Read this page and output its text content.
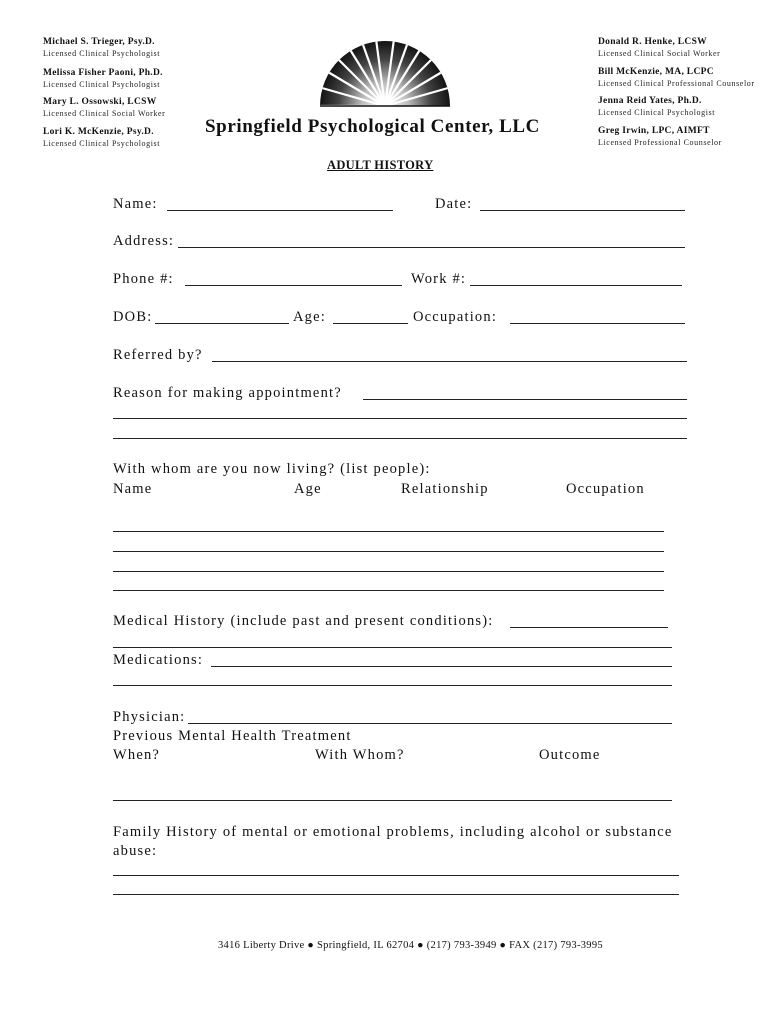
Michael S. Trieger, Psy.D.
Licensed Clinical Psychologist
Melissa Fisher Paoni, Ph.D.
Licensed Clinical Psychologist
Mary L. Ossowski, LCSW
Licensed Clinical Social Worker
Lori K. McKenzie, Psy.D.
Licensed Clinical Psychologist
Donald R. Henke, LCSW
Licensed Clinical Social Worker
Bill McKenzie, MA, LCPC
Licensed Clinical Professional Counselor
Jenna Reid Yates, Ph.D.
Licensed Clinical Psychologist
Greg Irwin, LPC, AIMFT
Licensed Professional Counselor
Springfield Psychological Center, LLC
ADULT HISTORY
Name:	Date:
Address:
Phone #:	Work #:
DOB:	Age:	Occupation:
Referred by?
Reason for making appointment?
With whom are you now living? (list people):
Name	Age	Relationship	Occupation
Medical History (include past and present conditions):
Medications:
Physician:
Previous Mental Health Treatment
When?	With Whom?	Outcome
Family History of mental or emotional problems, including alcohol or substance
abuse:
3416 Liberty Drive ● Springfield, IL 62704 ● (217) 793-3949 ● FAX (217) 793-3995
